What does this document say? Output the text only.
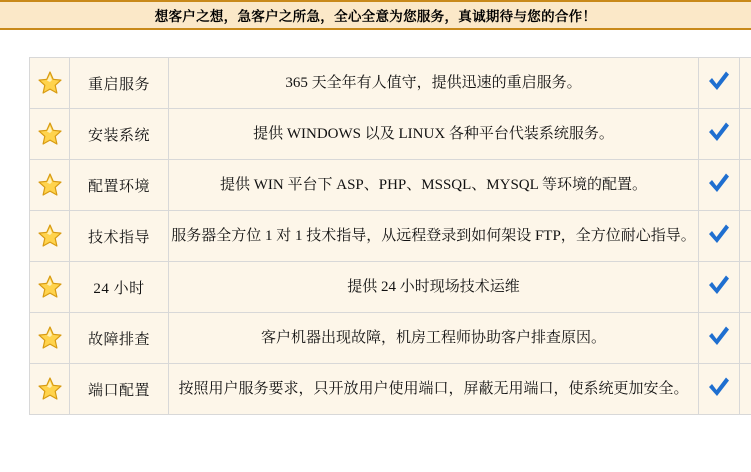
想客户之想，急客户之所急，全心全意为您服务，真诚期待与您的合作！
	重启服务	365 天全年有人值守，提供迅速的重启服务。	

	安装系统	提供 WINDOWS 以及 LINUX 各种平台代装系统服务。	

	配置环境	提供 WIN 平台下 ASP、PHP、MSSQL、MYSQL 等环境的配置。	

	技术指导	服务器全方位 1 对 1 技术指导，从远程登录到如何架设 FTP，全方位耐心指导。	

	24 小时	提供 24 小时现场技术运维	

	故障排查	客户机器出现故障，机房工程师协助客户排查原因。	

	端口配置	按照用户服务要求，只开放用户使用端口，屏蔽无用端口，使系统更加安全。	
